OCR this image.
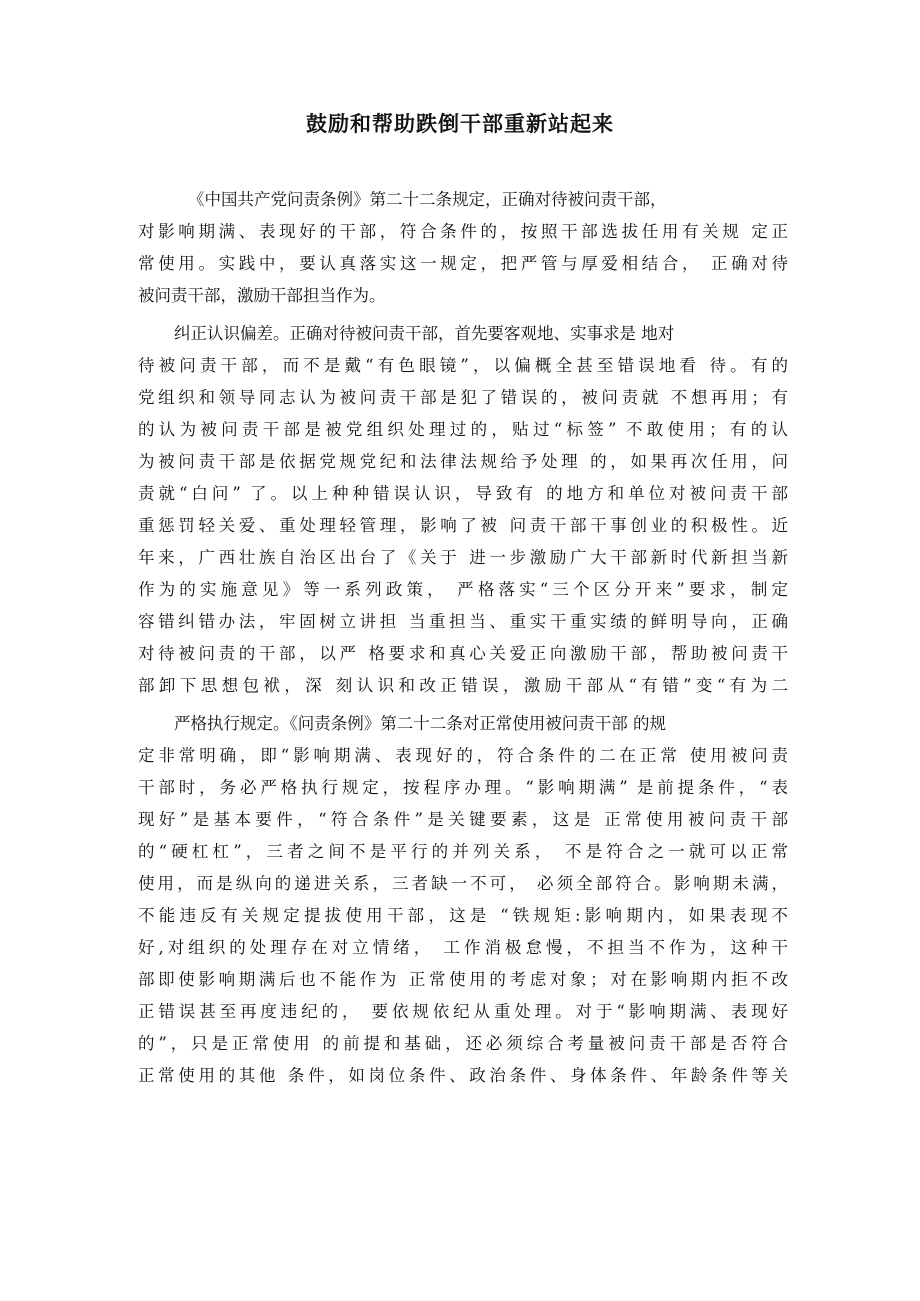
鼓励和帮助跌倒干部重新站起来
《中国共产党问责条例》第二十二条规定，正确对待被问责干部，
对影响期满、表现好的干部，符合条件的，按照干部选拔任用有关规 定正
常使用。实践中，要认真落实这一规定，把严管与厚爱相结合， 正确对待
被问责干部，激励干部担当作为。
纠正认识偏差。正确对待被问责干部，首先要客观地、实事求是 地对
待被问责干部，而不是戴“有色眼镜”，以偏概全甚至错误地看 待。有的
党组织和领导同志认为被问责干部是犯了错误的，被问责就 不想再用；有
的认为被问责干部是被党组织处理过的，贴过“标签” 不敢使用；有的认
为被问责干部是依据党规党纪和法律法规给予处理 的，如果再次任用，问
责就“白问” 了。以上种种错误认识，导致有 的地方和单位对被问责干部
重惩罚轻关爱、重处理轻管理，影响了被 问责干部干事创业的积极性。近
年来，广西壮族自治区出台了《关于 进一步激励广大干部新时代新担当新
作为的实施意见》等一系列政策， 严格落实“三个区分开来”要求，制定
容错纠错办法，牢固树立讲担 当重担当、重实干重实绩的鲜明导向，正确
对待被问责的干部，以严 格要求和真心关爱正向激励干部，帮助被问责干
部卸下思想包袱，深 刻认识和改正错误，激励干部从“有错”变“有为二
严格执行规定。《问责条例》第二十二条对正常使用被问责干部 的规
定非常明确，即“影响期满、表现好的，符合条件的二在正常 使用被问责
干部时，务必严格执行规定，按程序办理。“影响期满” 是前提条件，“表
现好”是基本要件，“符合条件”是关键要素，这是 正常使用被问责干部
的“硬杠杠”，三者之间不是平行的并列关系， 不是符合之一就可以正常
使用，而是纵向的递进关系，三者缺一不可， 必须全部符合。影响期未满，
不能违反有关规定提拔使用干部，这是 “铁规矩:影响期内，如果表现不
好,对组织的处理存在对立情绪， 工作消极怠慢，不担当不作为，这种干
部即使影响期满后也不能作为 正常使用的考虑对象；对在影响期内拒不改
正错误甚至再度违纪的， 要依规依纪从重处理。对于“影响期满、表现好
的”，只是正常使用 的前提和基础，还必须综合考量被问责干部是否符合
正常使用的其他 条件，如岗位条件、政治条件、身体条件、年龄条件等关
